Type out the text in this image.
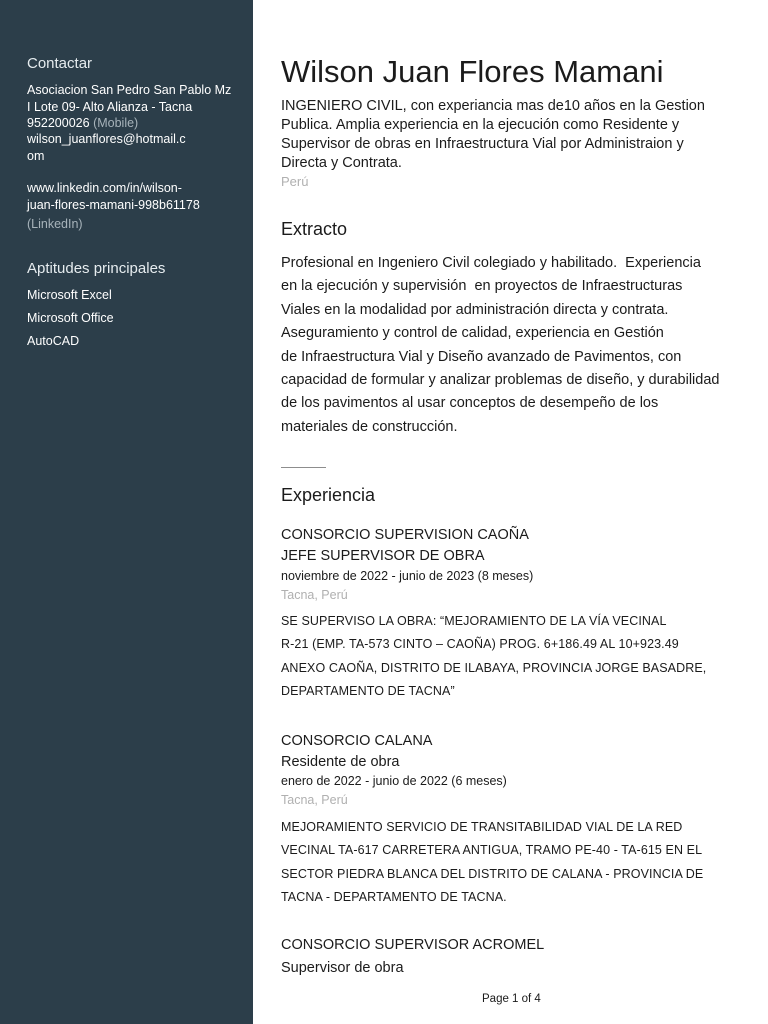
Contactar
Asociacion San Pedro San Pablo Mz
I Lote 09- Alto Alianza - Tacna
952200026 (Mobile)
wilson_juanflores@hotmail.c
om
www.linkedin.com/in/wilson-
juan-flores-mamani-998b61178
(LinkedIn)
Aptitudes principales
Microsoft Excel
Microsoft Office
AutoCAD
Wilson Juan Flores Mamani
INGENIERO CIVIL, con experiancia mas de10 años en la Gestion
Publica. Amplia experiencia en la ejecución como Residente y
Supervisor de obras en Infraestructura Vial por Administraion y
Directa y Contrata.
Perú
Extracto
Profesional en Ingeniero Civil colegiado y habilitado.  Experiencia
en la ejecución y supervisión  en proyectos de Infraestructuras
Viales en la modalidad por administración directa y contrata.
Aseguramiento y control de calidad, experiencia en Gestión
de Infraestructura Vial y Diseño avanzado de Pavimentos, con
capacidad de formular y analizar problemas de diseño, y durabilidad
de los pavimentos al usar conceptos de desempeño de los
materiales de construcción.
Experiencia
CONSORCIO SUPERVISION CAOÑA
JEFE SUPERVISOR DE OBRA
noviembre de 2022 - junio de 2023 (8 meses)
Tacna, Perú
SE SUPERVISO LA OBRA: “MEJORAMIENTO DE LA VÍA VECINAL
R-21 (EMP. TA-573 CINTO – CAOÑA) PROG. 6+186.49 AL 10+923.49
ANEXO CAOÑA, DISTRITO DE ILABAYA, PROVINCIA JORGE BASADRE,
DEPARTAMENTO DE TACNA”
CONSORCIO CALANA
Residente de obra
enero de 2022 - junio de 2022 (6 meses)
Tacna, Perú
MEJORAMIENTO SERVICIO DE TRANSITABILIDAD VIAL DE LA RED
VECINAL TA-617 CARRETERA ANTIGUA, TRAMO PE-40 - TA-615 EN EL
SECTOR PIEDRA BLANCA DEL DISTRITO DE CALANA - PROVINCIA DE
TACNA - DEPARTAMENTO DE TACNA.
CONSORCIO SUPERVISOR ACROMEL
Supervisor de obra
Page 1 of 4
